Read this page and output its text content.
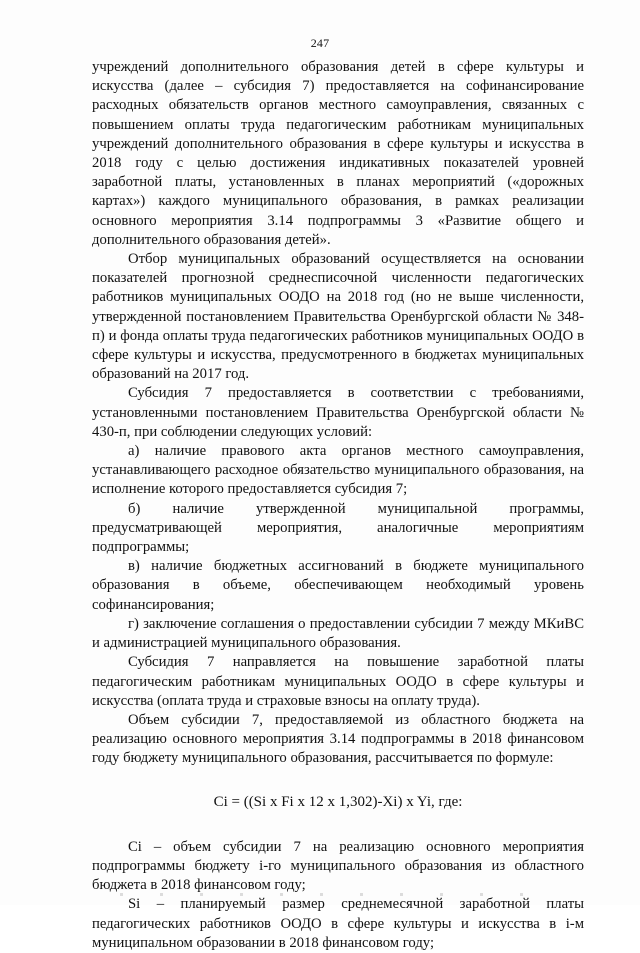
247

учреждений дополнительного образования детей в сфере культуры и искусства (далее – субсидия 7) предоставляется на софинансирование расходных обязательств органов местного самоуправления, связанных с повышением оплаты труда педагогическим работникам муниципальных учреждений дополнительного образования в сфере культуры и искусства в 2018 году с целью достижения индикативных показателей уровней заработной платы, установленных в планах мероприятий («дорожных картах») каждого муниципального образования, в рамках реализации основного мероприятия 3.14 подпрограммы 3 «Развитие общего и дополнительного образования детей».

Отбор муниципальных образований осуществляется на основании показателей прогнозной среднесписочной численности педагогических работников муниципальных ООДО на 2018 год (но не выше численности, утвержденной постановлением Правительства Оренбургской области № 348-п) и фонда оплаты труда педагогических работников муниципальных ООДО в сфере культуры и искусства, предусмотренного в бюджетах муниципальных образований на 2017 год.

Субсидия 7 предоставляется в соответствии с требованиями, установленными постановлением Правительства Оренбургской области № 430-п, при соблюдении следующих условий:

а) наличие правового акта органов местного самоуправления, устанавливающего расходное обязательство муниципального образования, на исполнение которого предоставляется субсидия 7;

б) наличие утвержденной муниципальной программы, предусматривающей мероприятия, аналогичные мероприятиям подпрограммы;

в) наличие бюджетных ассигнований в бюджете муниципального образования в объеме, обеспечивающем необходимый уровень софинансирования;

г) заключение соглашения о предоставлении субсидии 7 между МКиВС и администрацией муниципального образования.

Субсидия 7 направляется на повышение заработной платы педагогическим работникам муниципальных ООДО в сфере культуры и искусства (оплата труда и страховые взносы на оплату труда).

Объем субсидии 7, предоставляемой из областного бюджета на реализацию основного мероприятия 3.14 подпрограммы в 2018 финансовом году бюджету муниципального образования, рассчитывается по формуле:

Ci = ((Si x Fi x 12 x 1,302)-Xi) x Yi, где:

Ci – объем субсидии 7 на реализацию основного мероприятия подпрограммы бюджету i-го муниципального образования из областного бюджета в 2018 финансовом году;

Si – планируемый размер среднемесячной заработной платы педагогических работников ООДО в сфере культуры и искусства в i-м муниципальном образовании в 2018 финансовом году;
